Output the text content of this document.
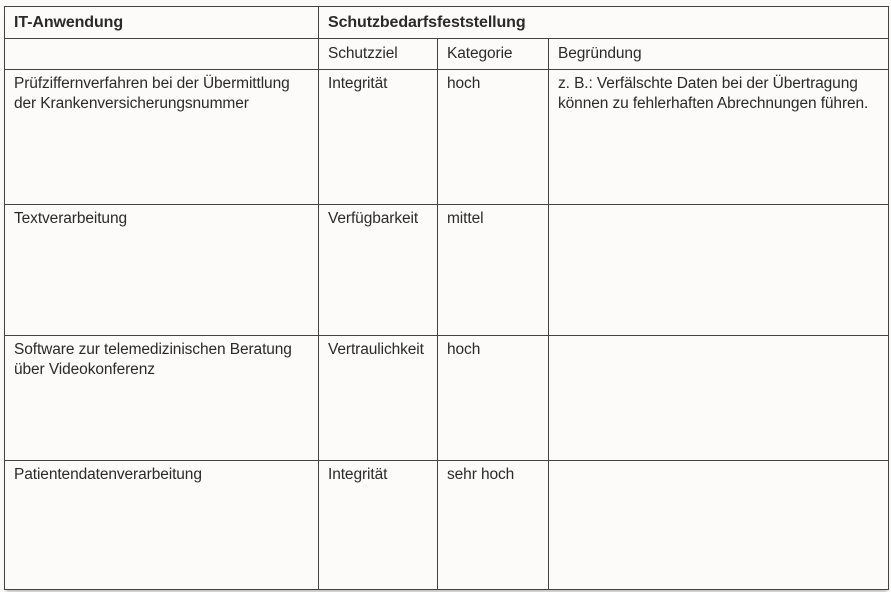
IT-Anwendung	Schutzbedarfsfeststellung		
	Schutzziel	Kategorie	Begründung
Prüfziffernverfahren bei der Übermittlung der Krankenversicherungsnummer	Integrität	hoch	z. B.: Verfälschte Daten bei der Übertragung können zu fehlerhaften Abrechnungen führen.
Textverarbeitung	Verfügbarkeit	mittel	
Software zur telemedizinischen Beratung über Videokonferenz	Vertraulichkeit	hoch	
Patientendatenverarbeitung	Integrität	sehr hoch	
